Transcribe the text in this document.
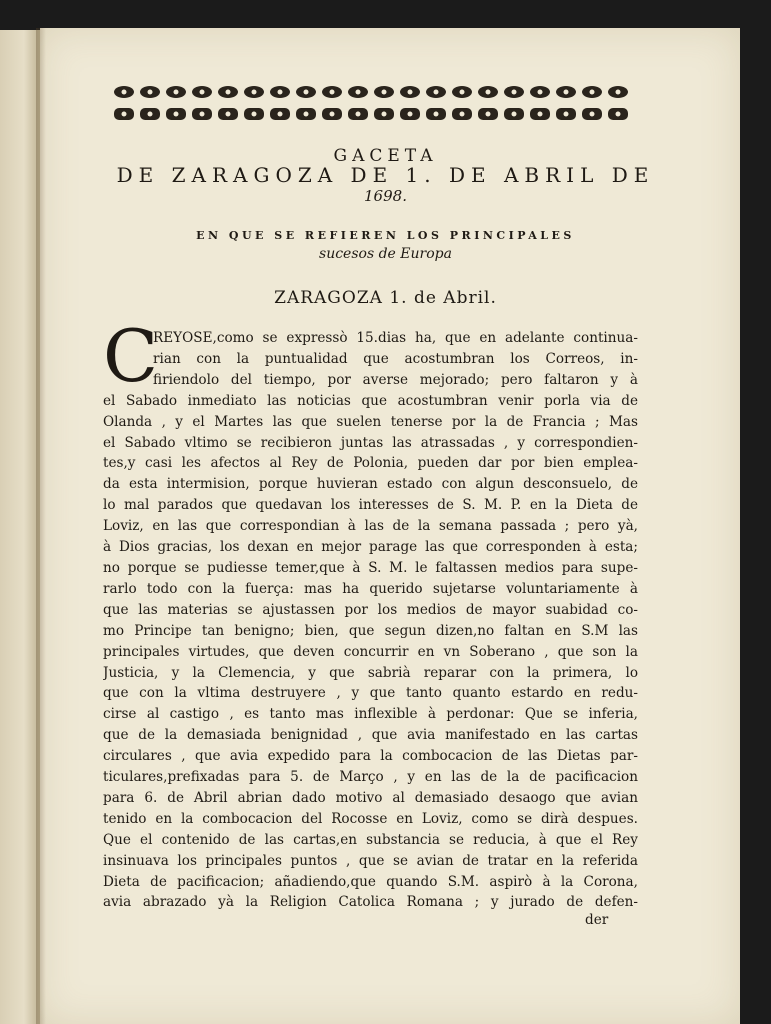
GACETA
DE ZARAGOZA DE 1. DE ABRIL DE
1698.
EN QUE SE REFIEREN LOS PRINCIPALES
sucesos de Europa
ZARAGOZA 1. de Abril.
C
REYOSE,como se expressò 15.dias ha, que en adelante continua-
rian con la puntualidad que acostumbran los Correos, in-
firiendolo del tiempo, por averse mejorado; pero faltaron y à
el Sabado inmediato las noticias que acostumbran venir porla via de
Olanda , y el Martes las que suelen tenerse por la de Francia ; Mas
el Sabado vltimo se recibieron juntas las atrassadas , y correspondien-
tes,y casi les afectos al Rey de Polonia, pueden dar por bien emplea-
da esta intermision, porque huvieran estado con algun desconsuelo, de
lo mal parados que quedavan los interesses de S. M. P. en la Dieta de
Loviz, en las que correspondian à las de la semana passada ; pero yà,
à Dios gracias, los dexan en mejor parage las que corresponden à esta;
no porque se pudiesse temer,que à S. M. le faltassen medios para supe-
rarlo todo con la fuerça: mas ha querido sujetarse voluntariamente à
que las materias se ajustassen por los medios de mayor suabidad co-
mo Principe tan benigno; bien, que segun dizen,no faltan en S.M las
principales virtudes, que deven concurrir en vn Soberano , que son la
Justicia, y la Clemencia, y que sabrià reparar con la primera, lo
que con la vltima destruyere , y que tanto quanto estardo en redu-
cirse al castigo , es tanto mas inflexible à perdonar: Que se inferia,
que de la demasiada benignidad , que avia manifestado en las cartas
circulares , que avia expedido para la combocacion de las Dietas par-
ticulares,prefixadas para 5. de Março , y en las de la de pacificacion
para 6. de Abril abrian dado motivo al demasiado desaogo que avian
tenido en la combocacion del Rocosse en Loviz, como se dirà despues.
Que el contenido de las cartas,en substancia se reducia, à que el Rey
insinuava los principales puntos , que se avian de tratar en la referida
Dieta de pacificacion; añadiendo,que quando S.M. aspirò à la Corona,
avia abrazado yà la Religion Catolica Romana ; y jurado de defen-
der
